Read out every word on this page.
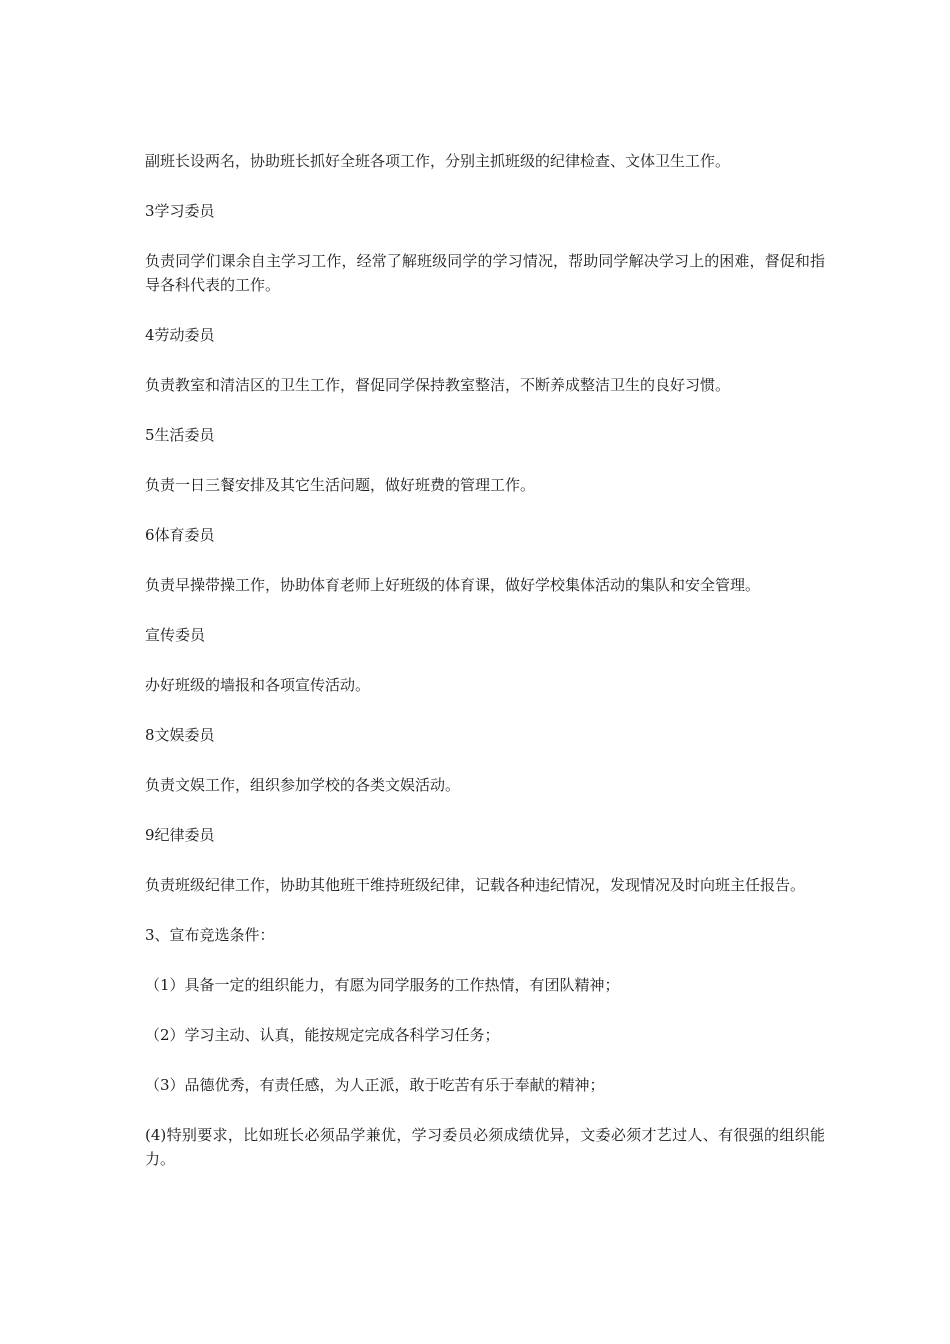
副班长设两名，协助班长抓好全班各项工作，分别主抓班级的纪律检查、文体卫生工作。

3学习委员

负责同学们课余自主学习工作，经常了解班级同学的学习情况，帮助同学解决学习上的困难，督促和指导各科代表的工作。

4劳动委员

负责教室和清洁区的卫生工作，督促同学保持教室整洁，不断养成整洁卫生的良好习惯。

5生活委员

负责一日三餐安排及其它生活问题，做好班费的管理工作。

6体育委员

负责早操带操工作，协助体育老师上好班级的体育课，做好学校集体活动的集队和安全管理。

宣传委员

办好班级的墙报和各项宣传活动。

8文娱委员

负责文娱工作，组织参加学校的各类文娱活动。

9纪律委员

负责班级纪律工作，协助其他班干维持班级纪律，记载各种违纪情况，发现情况及时向班主任报告。

3、宣布竞选条件：

（1）具备一定的组织能力，有愿为同学服务的工作热情，有团队精神；

（2）学习主动、认真，能按规定完成各科学习任务；

（3）品德优秀，有责任感，为人正派，敢于吃苦有乐于奉献的精神；

(4)特别要求，比如班长必须品学兼优，学习委员必须成绩优异，文委必须才艺过人、有很强的组织能力。
